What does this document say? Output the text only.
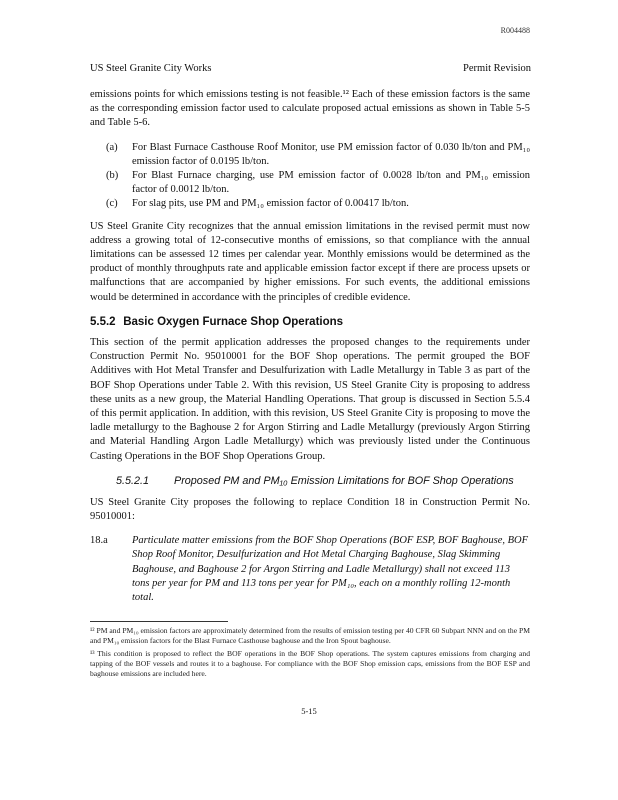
R004488
US Steel Granite City Works	Permit Revision

emissions points for which emissions testing is not feasible.¹² Each of these emission factors is the same as the corresponding emission factor used to calculate proposed actual emissions as shown in Table 5-5 and Table 5-6.

(a) For Blast Furnace Casthouse Roof Monitor, use PM emission factor of 0.030 lb/ton and PM₁₀ emission factor of 0.0195 lb/ton.
(b) For Blast Furnace charging, use PM emission factor of 0.0028 lb/ton and PM₁₀ emission factor of 0.0012 lb/ton.
(c) For slag pits, use PM and PM₁₀ emission factor of 0.00417 lb/ton.

US Steel Granite City recognizes that the annual emission limitations in the revised permit must now address a growing total of 12-consecutive months of emissions, so that compliance with the annual limitations can be assessed 12 times per calendar year. Monthly emissions would be determined as the product of monthly throughputs rate and applicable emission factor except if there are process upsets or malfunctions that are accompanied by higher emissions. For such events, the additional emissions would be determined in accordance with the principles of credible evidence.

5.5.2 Basic Oxygen Furnace Shop Operations

This section of the permit application addresses the proposed changes to the requirements under Construction Permit No. 95010001 for the BOF Shop operations. The permit grouped the BOF Additives with Hot Metal Transfer and Desulfurization with Ladle Metallurgy in Table 3 as part of the BOF Shop Operations under Table 2. With this revision, US Steel Granite City is proposing to address these units as a new group, the Material Handling Operations. That group is discussed in Section 5.5.4 of this permit application. In addition, with this revision, US Steel Granite City is proposing to move the ladle metallurgy to the Baghouse 2 for Argon Stirring and Ladle Metallurgy (previously Argon Stirring and Material Handling Argon Ladle Metallurgy) which was previously listed under the Continuous Casting Operations in the BOF Shop Operations Group.

5.5.2.1 Proposed PM and PM₁₀ Emission Limitations for BOF Shop Operations

US Steel Granite City proposes the following to replace Condition 18 in Construction Permit No. 95010001:

18.a Particulate matter emissions from the BOF Shop Operations (BOF ESP, BOF Baghouse, BOF Shop Roof Monitor, Desulfurization and Hot Metal Charging Baghouse, Slag Skimming Baghouse, and Baghouse 2 for Argon Stirring and Ladle Metallurgy) shall not exceed 113 tons per year for PM and 113 tons per year for PM₁₀, each on a monthly rolling 12-month total.

¹² PM and PM₁₀ emission factors are approximately determined from the results of emission testing per 40 CFR 60 Subpart NNN and on the PM and PM₁₀ emission factors for the Blast Furnace Casthouse baghouse and the Iron Spout baghouse.

¹³ This condition is proposed to reflect the BOF operations in the BOF Shop operations. The system captures emissions from charging and tapping of the BOF vessels and routes it to a baghouse. For compliance with the BOF Shop emission caps, emissions from the BOF ESP and baghouse emissions are included here.

5-15
